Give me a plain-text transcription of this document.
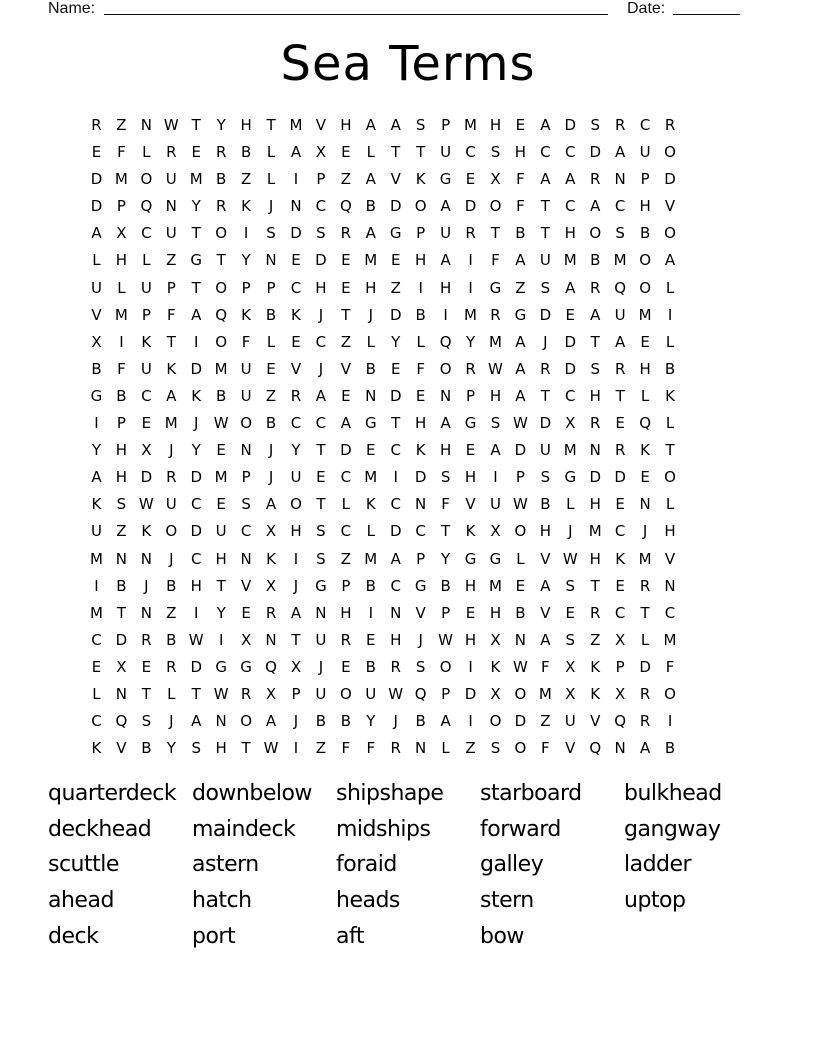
Name:	Date:
Sea Terms
R Z N W T	Y H T M V H A A	S	P M H E	A D S R C R
E	F	L	R E R B	L	A X	E	L	T	T U C S H C C D A U O
D M O U M B Z	L	I	P	Z A V K G E	X	F	A A R N P D
D P Q N Y	R K	J	N C Q B D O A D O F	T	C A C H V
A X C U T O	I	S D S R A G P U R	T	B	T H O S	B O
L	H	L	Z G T	Y N E D E M E H A	I	F	A U M B M O A
U	L	U P	T O P	P	C H E H Z	I	H	I	G Z	S	A R Q O L
V M P	F	A Q K B K	J	T	J	D B	I	M R G D E	A U M	I
X	I	K	T	I	O F	L	E C Z	L	Y	L Q Y M A	J	D T	A	E	L
B	F	U K D M U E	V	J	V B	E	F O R W A R D S R H B
G B C A K B U Z R A	E N D E N P H A	T	C H T	L	K
I	P	E M	J	W O B C C A G T H A G S W D X R E Q L
Y H X	J	Y	E N	J	Y	T D E C K H E	A D U M N R K	T
A H D R D M P	J	U E C M	I	D S H	I	P	S G D D E O
K	S W U C E	S	A O T	L	K C N	F	V U W B	L	H E N	L
U Z K O D U C X H S C	L D C	T	K X O H	J	M C	J	H
M N N	J	C H N K	I	S	Z M A	P	Y G G L	V W H K M V
I	B	J	B H T	V X	J	G P	B C G B H M E	A	S	T	E R N
M T N Z	I	Y	E R A N H	I	N V	P	E H B V	E R C	T	C
C D R B W	I	X N T U R E H	J	W H X N A	S	Z X	L M
E	X	E R D G G Q X	J	E	B R S O	I	K W F	X K	P D F
L	N T	L	T W R X	P U O U W Q P D X O M X K X R O
C Q S	J	A N O A	J	B B	Y	J	B A	I	O D Z U V Q R	I
K V B	Y	S H T W	I	Z	F	F	R N	L	Z	S O F	V Q N A B
quarterdeck downbelow	shipshape	starboard	bulkhead
deckhead	maindeck	midships	forward	gangway
scuttle	astern	foraid	galley	ladder
ahead	hatch	heads	stern	uptop
deck	port	aft	bow
